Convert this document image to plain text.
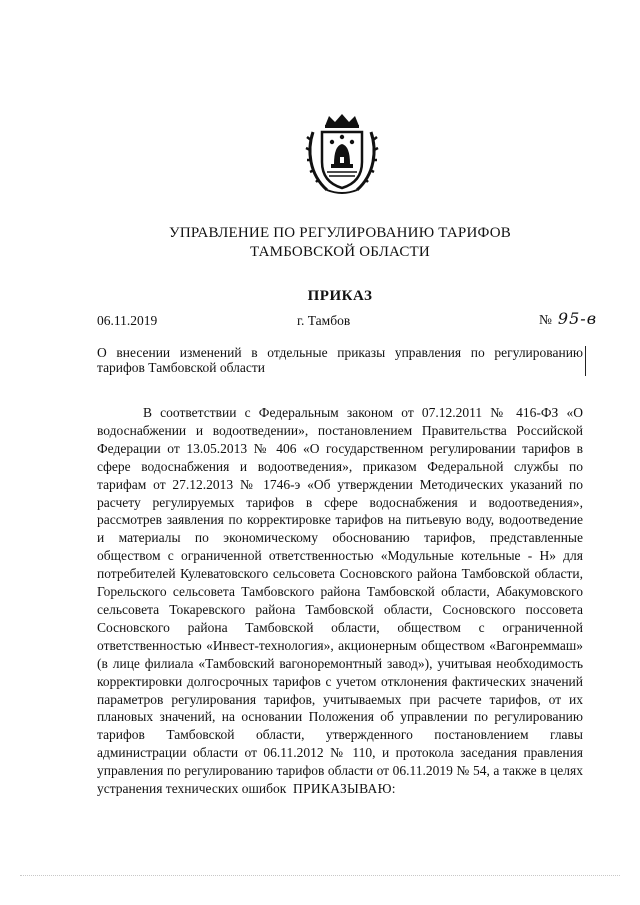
УПРАВЛЕНИЕ ПО РЕГУЛИРОВАНИЮ ТАРИФОВ
ТАМБОВСКОЙ ОБЛАСТИ
ПРИКАЗ
06.11.2019	г. Тамбов	№ 95-в
О внесении изменений в отдельные приказы управления по регулированию тарифов Тамбовской области

В соответствии с Федеральным законом от 07.12.2011 № 416-ФЗ «О водоснабжении и водоотведении», постановлением Правительства Российской Федерации от 13.05.2013 № 406 «О государственном регулировании тарифов в сфере водоснабжения и водоотведения», приказом Федеральной службы по тарифам от 27.12.2013 № 1746-э «Об утверждении Методических указаний по расчету регулируемых тарифов в сфере водоснабжения и водоотведения», рассмотрев заявления по корректировке тарифов на питьевую воду, водоотведение и материалы по экономическому обоснованию тарифов, представленные обществом с ограниченной ответственностью «Модульные котельные - Н» для потребителей Кулеватовского сельсовета Сосновского района Тамбовской области, Горельского сельсовета Тамбовского района Тамбовской области, Абакумовского сельсовета Токаревского района Тамбовской области, Сосновского поссовета Сосновского района Тамбовской области, обществом с ограниченной ответственностью «Инвест-технология», акционерным обществом «Вагонреммаш» (в лице филиала «Тамбовский вагоноремонтный завод»), учитывая необходимость корректировки долгосрочных тарифов с учетом отклонения фактических значений параметров регулирования тарифов, учитываемых при расчете тарифов, от их плановых значений, на основании Положения об управлении по регулированию тарифов Тамбовской области, утвержденного постановлением главы администрации области от 06.11.2012 № 110, и протокола заседания правления управления по регулированию тарифов области от 06.11.2019 № 54, а также в целях устранения технических ошибок ПРИКАЗЫВАЮ:
